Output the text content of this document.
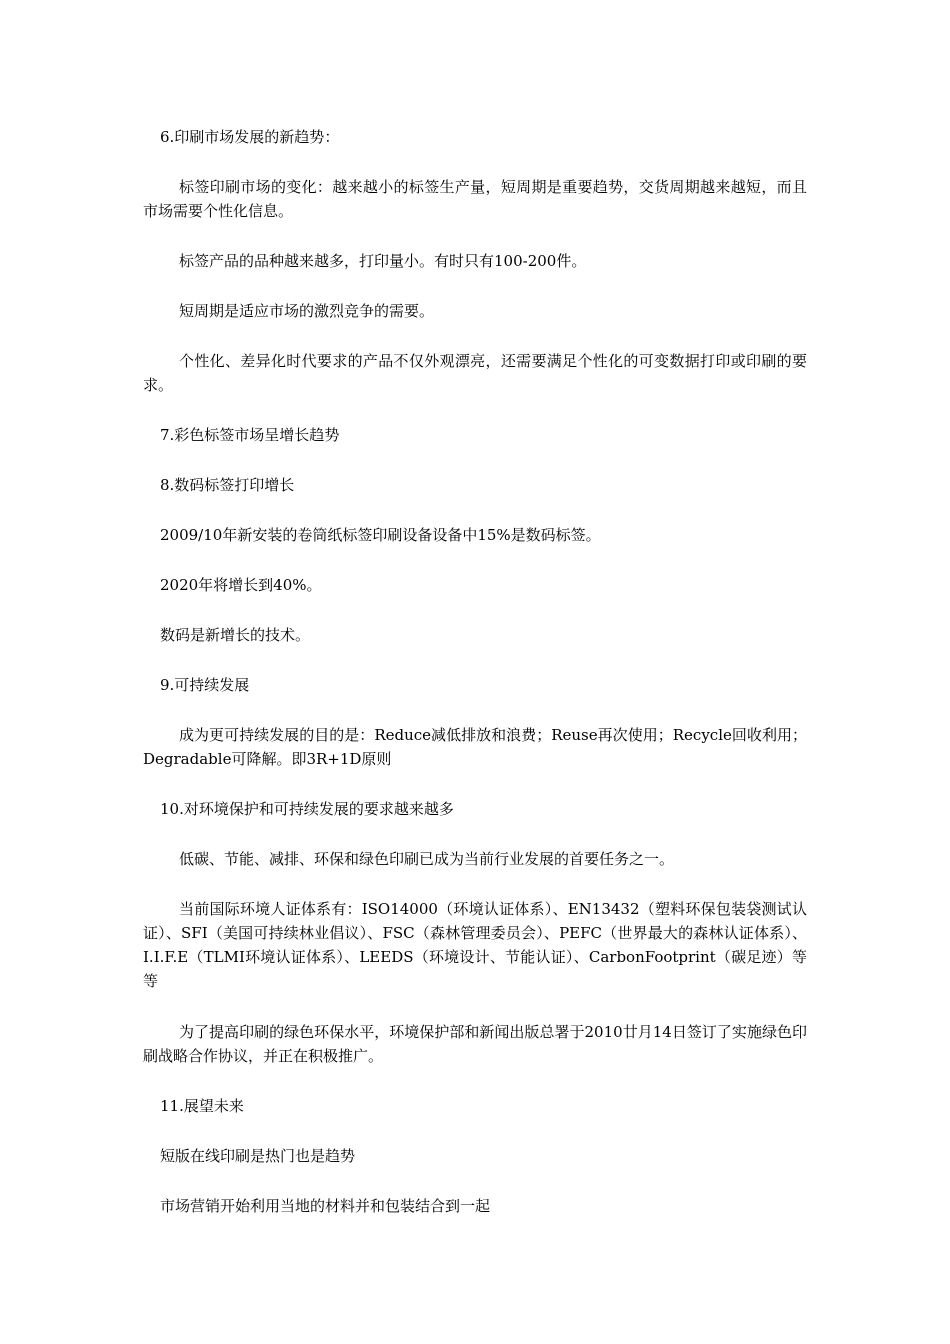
6.印刷市场发展的新趋势：

标签印刷市场的变化：越来越小的标签生产量，短周期是重要趋势，交货周期越来越短，而且市场需要个性化信息。

标签产品的品种越来越多，打印量小。有时只有100-200件。

短周期是适应市场的激烈竞争的需要。

个性化、差异化时代要求的产品不仅外观漂亮，还需要满足个性化的可变数据打印或印刷的要求。

7.彩色标签市场呈增长趋势

8.数码标签打印增长

2009/10年新安装的卷筒纸标签印刷设备设备中15%是数码标签。

2020年将增长到40%。

数码是新增长的技术。

9.可持续发展

成为更可持续发展的目的是：Reduce减低排放和浪费；Reuse再次使用；Recycle回收利用；Degradable可降解。即3R+1D原则

10.对环境保护和可持续发展的要求越来越多

低碳、节能、减排、环保和绿色印刷已成为当前行业发展的首要任务之一。

当前国际环境人证体系有：ISO14000（环境认证体系）、EN13432（塑料环保包装袋测试认证）、SFI（美国可持续林业倡议）、FSC（森林管理委员会）、PEFC（世界最大的森林认证体系）、I.I.F.E（TLMI环境认证体系）、LEEDS（环境设计、节能认证）、CarbonFootprint（碳足迹）等等

为了提高印刷的绿色环保水平，环境保护部和新闻出版总署于2010廿月14日签订了实施绿色印刷战略合作协议，并正在积极推广。

11.展望未来

短版在线印刷是热门也是趋势

市场营销开始利用当地的材料并和包装结合到一起
